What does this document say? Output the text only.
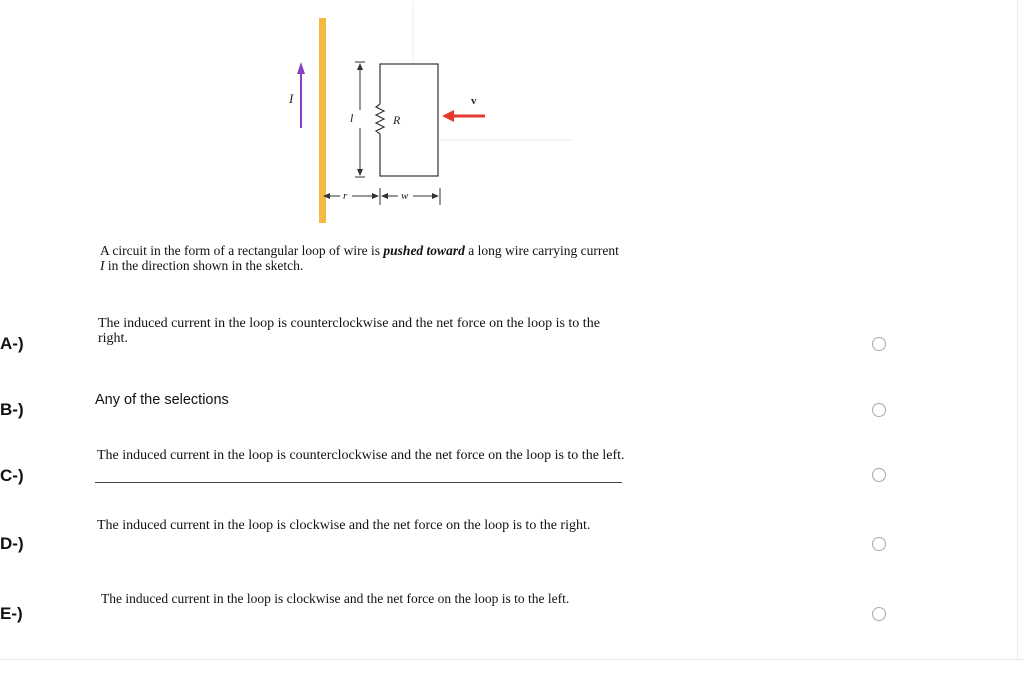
I
l	R
v
r	w
A circuit in the form of a rectangular loop of wire is pushed toward a long wire carrying current I in the direction shown in the sketch.
A-)
The induced current in the loop is counterclockwise and the net force on the loop is to the right.
B-)	Any of the selections
C-)
The induced current in the loop is counterclockwise and the net force on the loop is to the left.
D-)
The induced current in the loop is clockwise and the net force on the loop is to the right.
E-)
The induced current in the loop is clockwise and the net force on the loop is to the left.
